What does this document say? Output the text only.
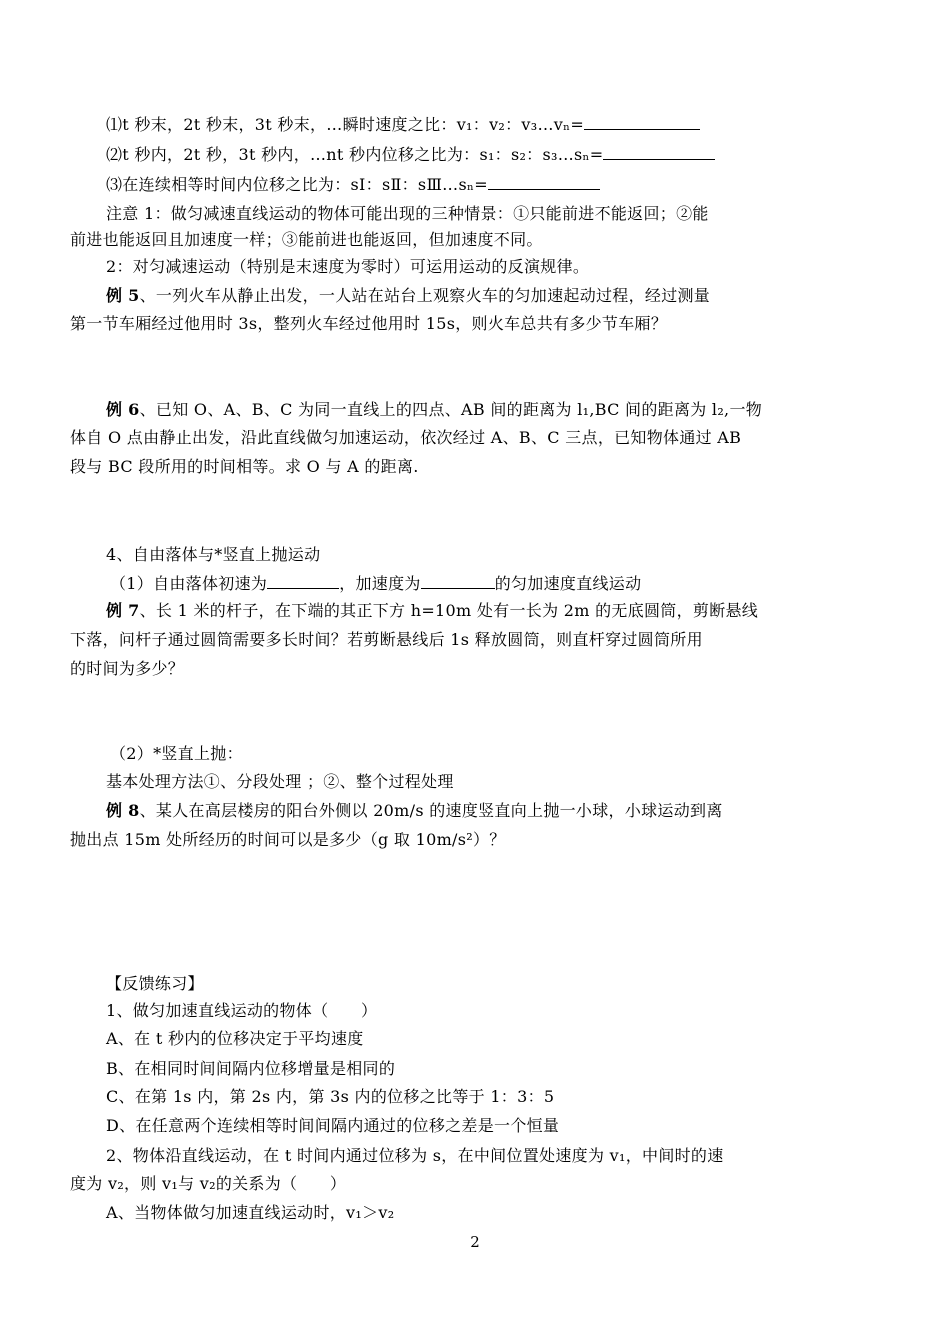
⑴t 秒末，2t 秒末，3t 秒末，…瞬时速度之比：v₁：v₂：v₃…vₙ=
⑵t 秒内，2t 秒，3t 秒内，…nt 秒内位移之比为：s₁：s₂：s₃…sₙ=
⑶在连续相等时间内位移之比为：sⅠ：sⅡ：sⅢ…sₙ=
注意 1：做匀减速直线运动的物体可能出现的三种情景：①只能前进不能返回；②能
前进也能返回且加速度一样；③能前进也能返回，但加速度不同。
2：对匀减速运动（特别是末速度为零时）可运用运动的反演规律。
例 5、一列火车从静止出发，一人站在站台上观察火车的匀加速起动过程，经过测量
第一节车厢经过他用时 3s，整列火车经过他用时 15s，则火车总共有多少节车厢？
例 6、已知 O、A、B、C 为同一直线上的四点、AB 间的距离为 l₁,BC 间的距离为 l₂,一物
体自 O 点由静止出发，沿此直线做匀加速运动，依次经过 A、B、C 三点，已知物体通过 AB
段与 BC 段所用的时间相等。求 O 与 A 的距离.
4、自由落体与*竖直上抛运动
（1）自由落体初速为	，加速度为	的匀加速度直线运动
例 7、长 1 米的杆子，在下端的其正下方 h=10m 处有一长为 2m 的无底圆筒，剪断悬线
下落，问杆子通过圆筒需要多长时间？若剪断悬线后 1s 释放圆筒，则直杆穿过圆筒所用
的时间为多少？
（2）*竖直上抛：
基本处理方法①、分段处理 ；②、整个过程处理
例 8、某人在高层楼房的阳台外侧以 20m/s 的速度竖直向上抛一小球，小球运动到离
抛出点 15m 处所经历的时间可以是多少（g 取 10m/s²）？
【反馈练习】
1、做匀加速直线运动的物体（　　）
A、在 t 秒内的位移决定于平均速度
B、在相同时间间隔内位移增量是相同的
C、在第 1s 内，第 2s 内，第 3s 内的位移之比等于 1：3：5
D、在任意两个连续相等时间间隔内通过的位移之差是一个恒量
2、物体沿直线运动，在 t 时间内通过位移为 s，在中间位置处速度为 v₁，中间时的速
度为 v₂，则 v₁与 v₂的关系为（　　）
A、当物体做匀加速直线运动时，v₁＞v₂
2
